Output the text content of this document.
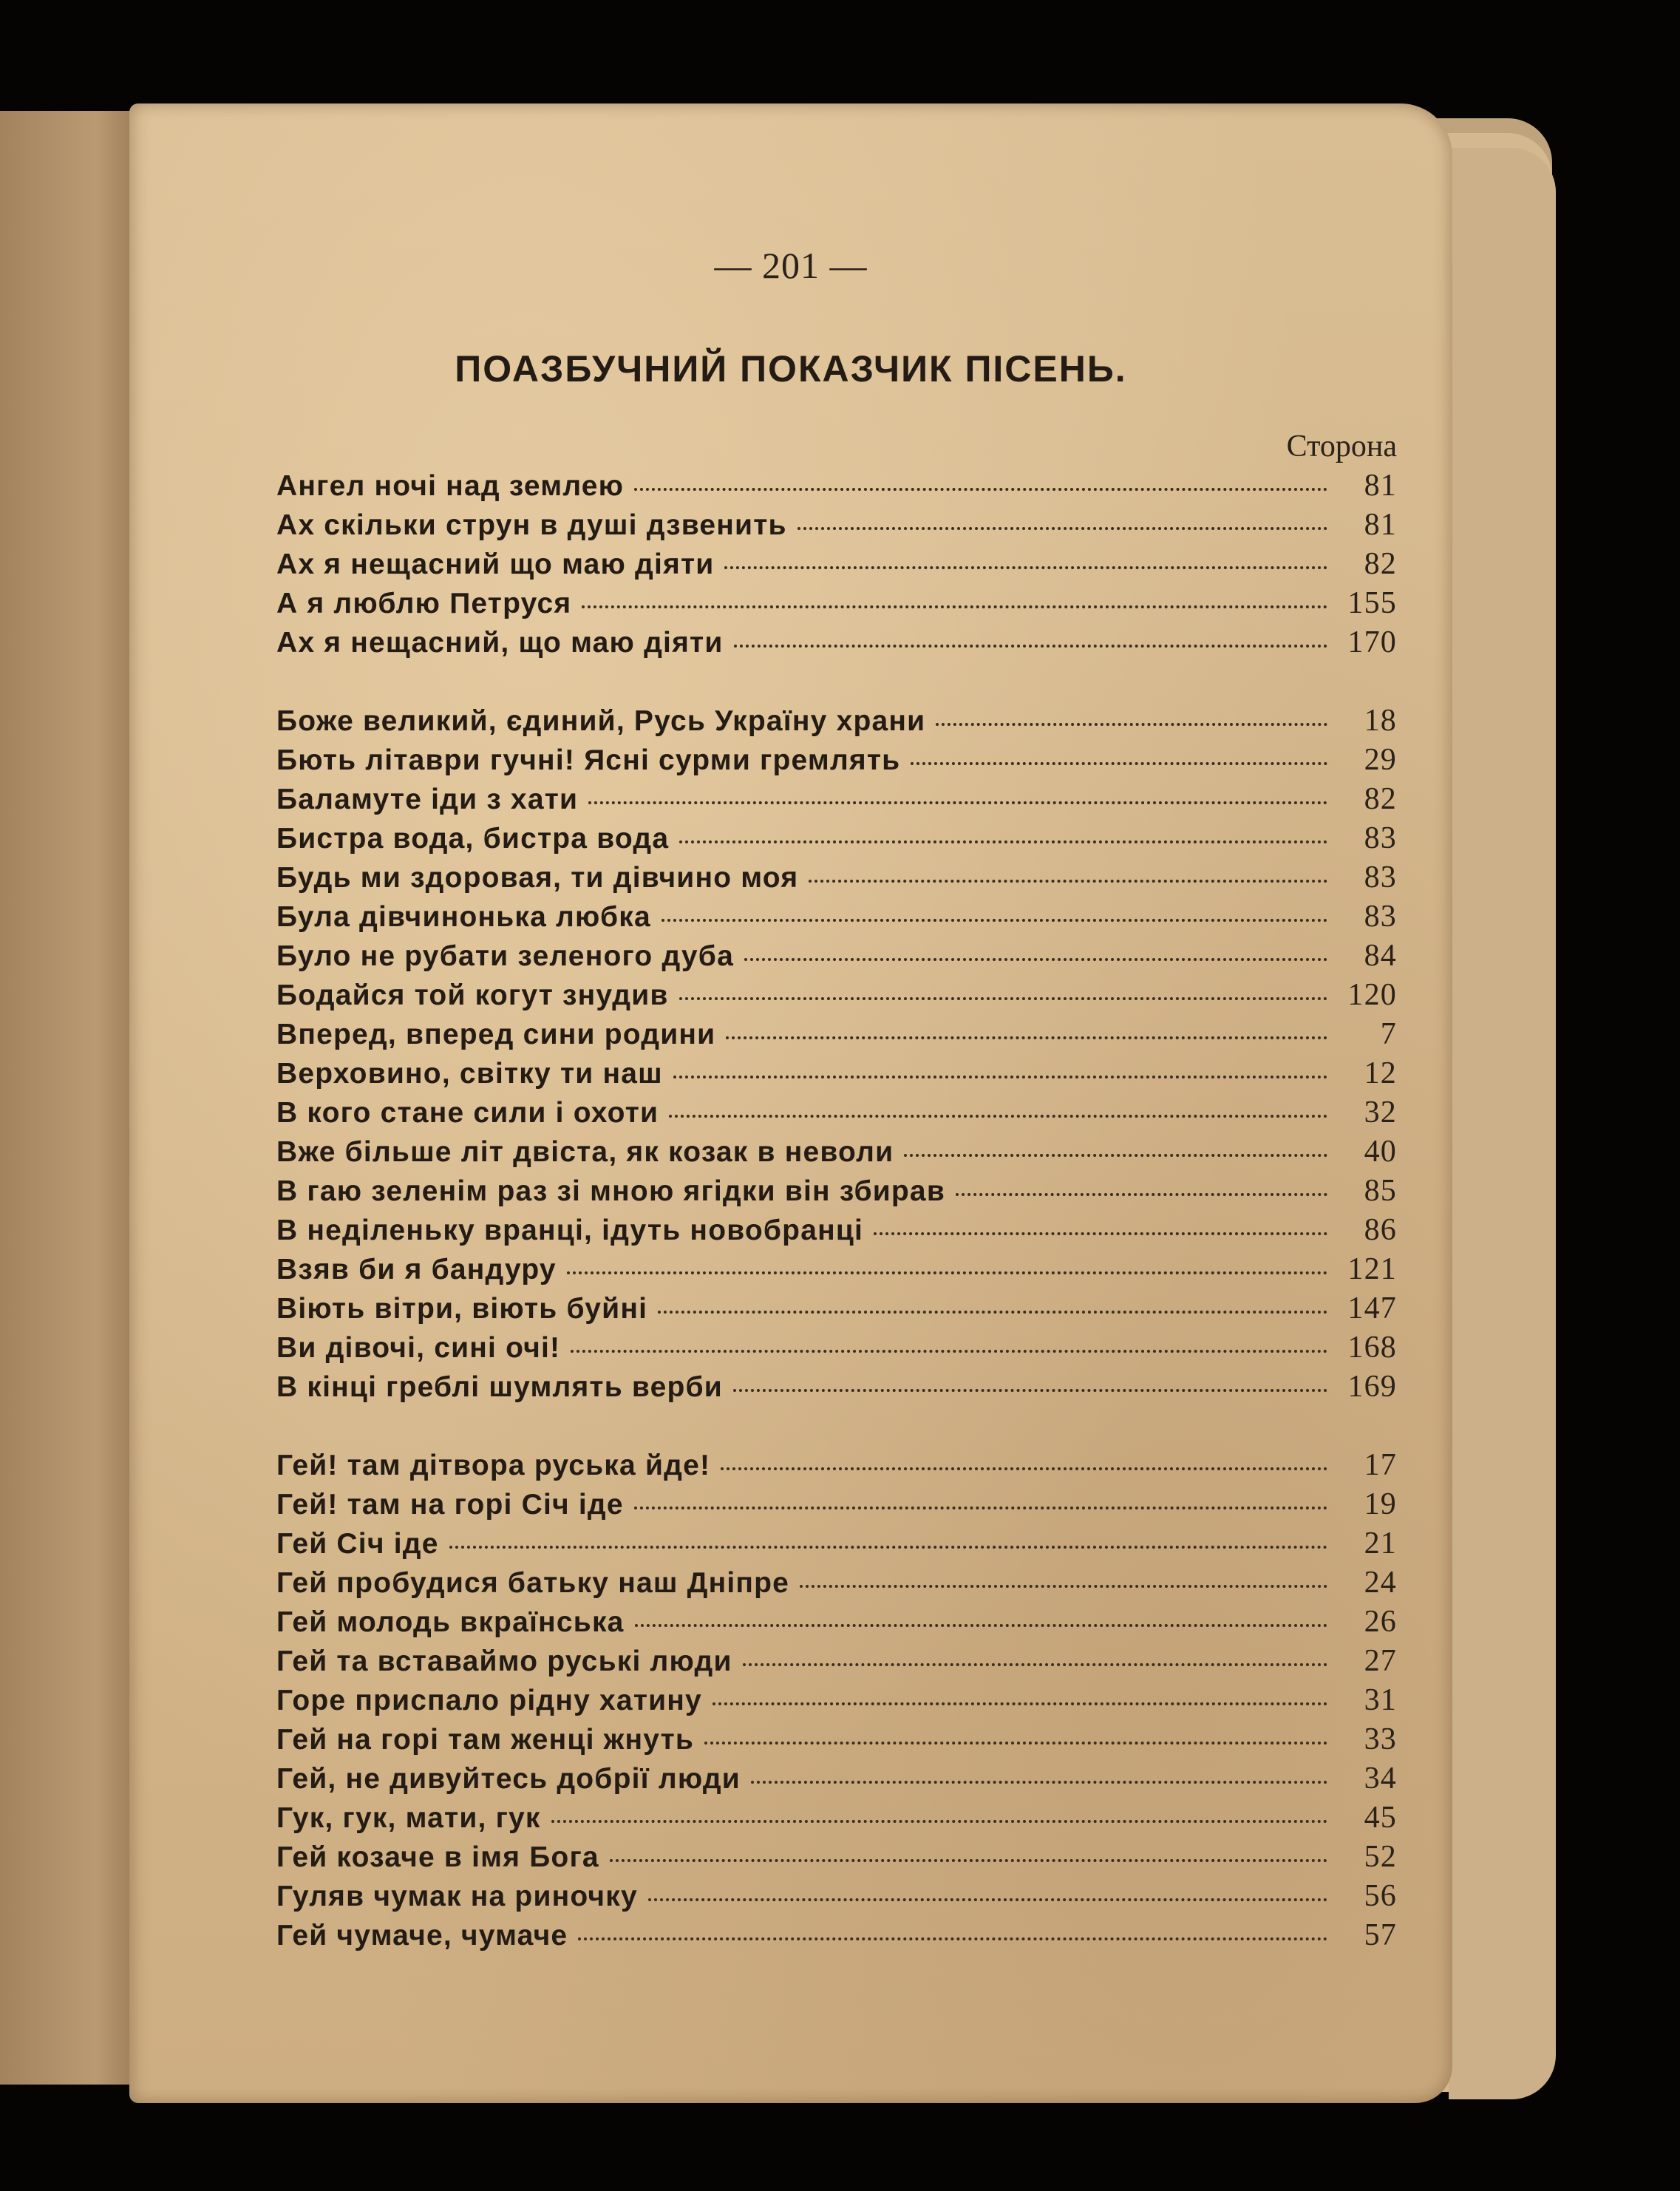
— 201 —
ПОАЗБУЧНИЙ ПОКАЗЧИК ПІСЕНЬ.
Сторона
Ангел ночі над землею	81
Ах скільки струн в душі дзвенить	81
Ах я нещасний що маю діяти	82
А я люблю Петруся	155
Ах я нещасний, що маю діяти	170
Боже великий, єдиний, Русь Україну храни	18
Бють літаври гучні! Ясні сурми гремлять	29
Баламуте іди з хати	82
Бистра вода, бистра вода	83
Будь ми здоровая, ти дівчино моя	83
Була дівчинонька любка	83
Було не рубати зеленого дуба	84
Бодайся той когут знудив	120
Вперед, вперед сини родини	7
Верховино, світку ти наш	12
В кого стане сили і охоти	32
Вже більше літ двіста, як козак в неволи	40
В гаю зеленім раз зі мною ягідки він збирав	85
В неділеньку вранці, ідуть новобранці	86
Взяв би я бандуру	121
Віють вітри, віють буйні	147
Ви дівочі, сині очі!	168
В кінці греблі шумлять верби	169
Гей! там дітвора руська йде!	17
Гей! там на горі Січ іде	19
Гей Січ іде	21
Гей пробудися батьку наш Дніпре	24
Гей молодь вкраїнська	26
Гей та вставаймо руські люди	27
Горе приспало рідну хатину	31
Гей на горі там женці жнуть	33
Гей, не дивуйтесь добрії люди	34
Гук, гук, мати, гук	45
Гей козаче в імя Бога	52
Гуляв чумак на риночку	56
Гей чумаче, чумаче	57
